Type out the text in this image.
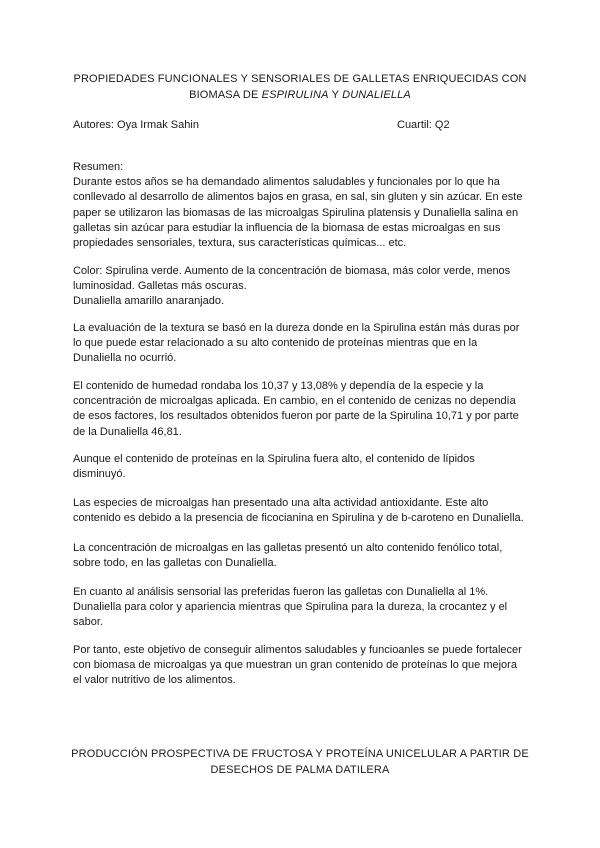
PROPIEDADES FUNCIONALES Y SENSORIALES DE GALLETAS ENRIQUECIDAS CON
BIOMASA DE ESPIRULINA Y DUNALIELLA
Autores: Oya Irmak Sahin	Cuartil: Q2
Resumen:
Durante estos años se ha demandado alimentos saludables y funcionales por lo que ha
conllevado al desarrollo de alimentos bajos en grasa, en sal, sin gluten y sin azúcar. En este
paper se utilizaron las biomasas de las microalgas Spirulina platensis y Dunaliella salina en
galletas sin azúcar para estudiar la influencia de la biomasa de estas microalgas en sus
propiedades sensoriales, textura, sus características químicas... etc.
Color: Spirulina verde. Aumento de la concentración de biomasa, más color verde, menos
luminosidad. Galletas más oscuras.
Dunaliella amarillo anaranjado.
La evaluación de la textura se basó en la dureza donde en la Spirulina están más duras por
lo que puede estar relacionado a su alto contenido de proteínas mientras que en la
Dunaliella no ocurrió.
El contenido de humedad rondaba los 10,37 y 13,08% y dependía de la especie y la
concentración de microalgas aplicada. En cambio, en el contenido de cenizas no dependía
de esos factores, los resultados obtenidos fueron por parte de la Spirulina 10,71 y por parte
de la Dunaliella 46,81.
Aunque el contenido de proteínas en la Spirulina fuera alto, el contenido de lípidos
disminuyó.
Las especies de microalgas han presentado una alta actividad antioxidante. Este alto
contenido es debido a la presencia de ficocianina en Spirulina y de b-caroteno en Dunaliella.
La concentración de microalgas en las galletas presentó un alto contenido fenólico total,
sobre todo, en las galletas con Dunaliella.
En cuanto al análisis sensorial las preferidas fueron las galletas con Dunaliella al 1%.
Dunaliella para color y apariencia mientras que Spirulina para la dureza, la crocantez y el
sabor.
Por tanto, este objetivo de conseguir alimentos saludables y funcioanles se puede fortalecer
con biomasa de microalgas ya que muestran un gran contenido de proteínas lo que mejora
el valor nutritivo de los alimentos.
PRODUCCIÓN PROSPECTIVA DE FRUCTOSA Y PROTEÍNA UNICELULAR A PARTIR DE
DESECHOS DE PALMA DATILERA
